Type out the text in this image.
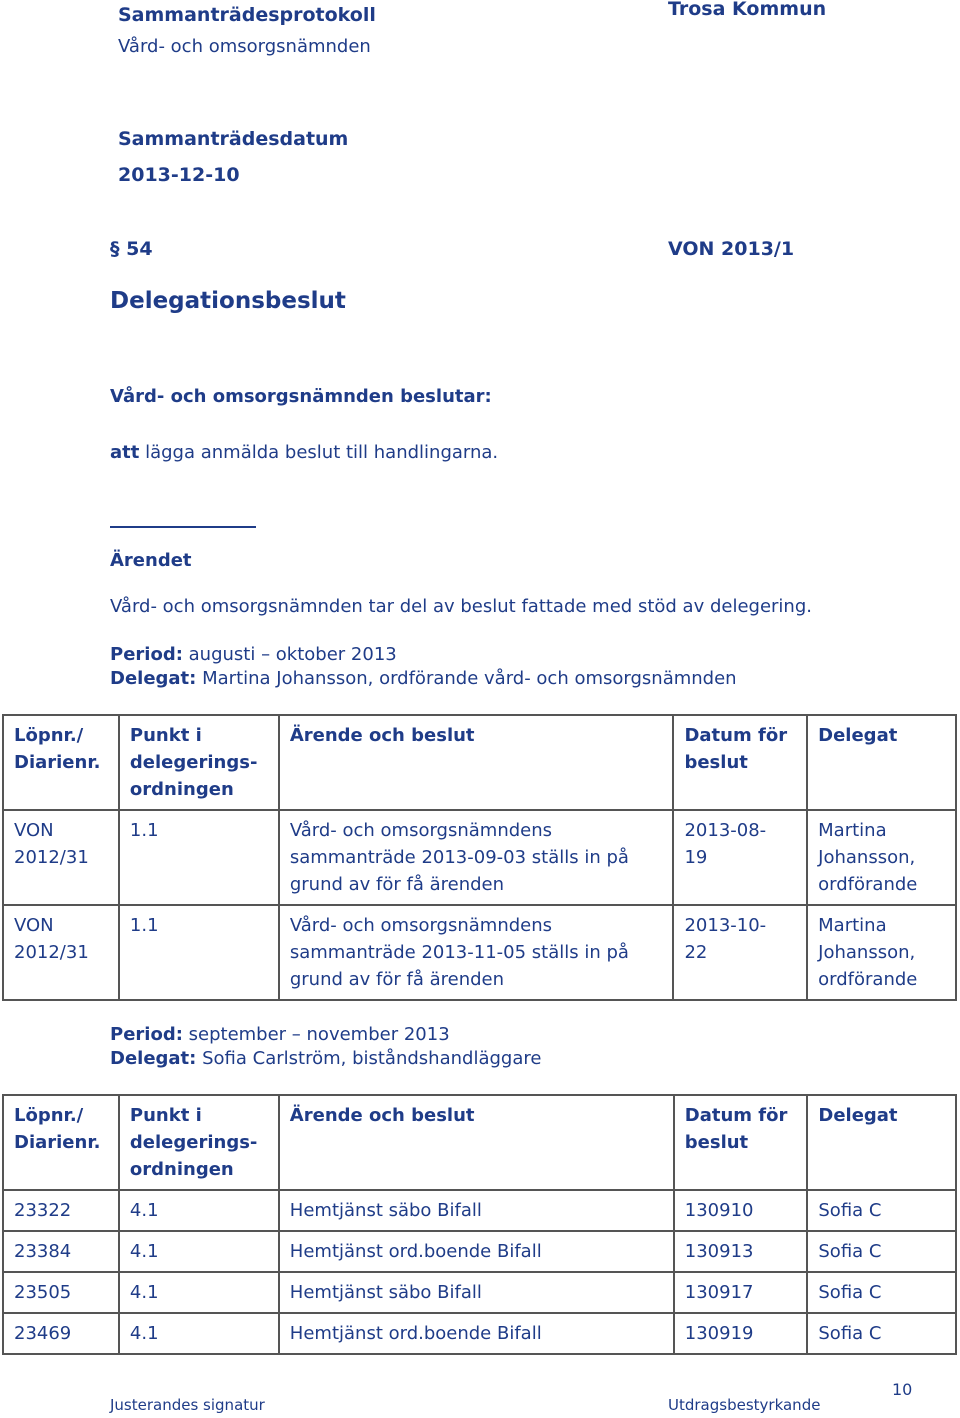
Sammanträdesprotokoll
Vård- och omsorgsnämnden
Trosa Kommun
Sammanträdesdatum
2013-12-10
§ 54	VON 2013/1
Delegationsbeslut
Vård- och omsorgsnämnden beslutar:
att lägga anmälda beslut till handlingarna.
Ärendet
Vård- och omsorgsnämnden tar del av beslut fattade med stöd av delegering.
Period: augusti – oktober 2013
Delegat: Martina Johansson, ordförande vård- och omsorgsnämnden
Löpnr./
Diarienr.	Punkt i
delegerings-
ordningen	Ärende och beslut	Datum för
beslut	Delegat
VON
2012/31	1.1	Vård- och omsorgsnämndens
sammanträde 2013-09-03 ställs in på
grund av för få ärenden	2013-08-
19	Martina
Johansson,
ordförande
VON
2012/31	1.1	Vård- och omsorgsnämndens
sammanträde 2013-11-05 ställs in på
grund av för få ärenden	2013-10-
22	Martina
Johansson,
ordförande
Period: september – november 2013
Delegat: Sofia Carlström, biståndshandläggare
Löpnr./
Diarienr.	Punkt i
delegerings-
ordningen	Ärende och beslut	Datum för
beslut	Delegat
23322	4.1	Hemtjänst säbo Bifall	130910	Sofia C
23384	4.1	Hemtjänst ord.boende Bifall	130913	Sofia C
23505	4.1	Hemtjänst säbo Bifall	130917	Sofia C
23469	4.1	Hemtjänst ord.boende Bifall	130919	Sofia C
Justerandes signatur	Utdragsbestyrkande
10
